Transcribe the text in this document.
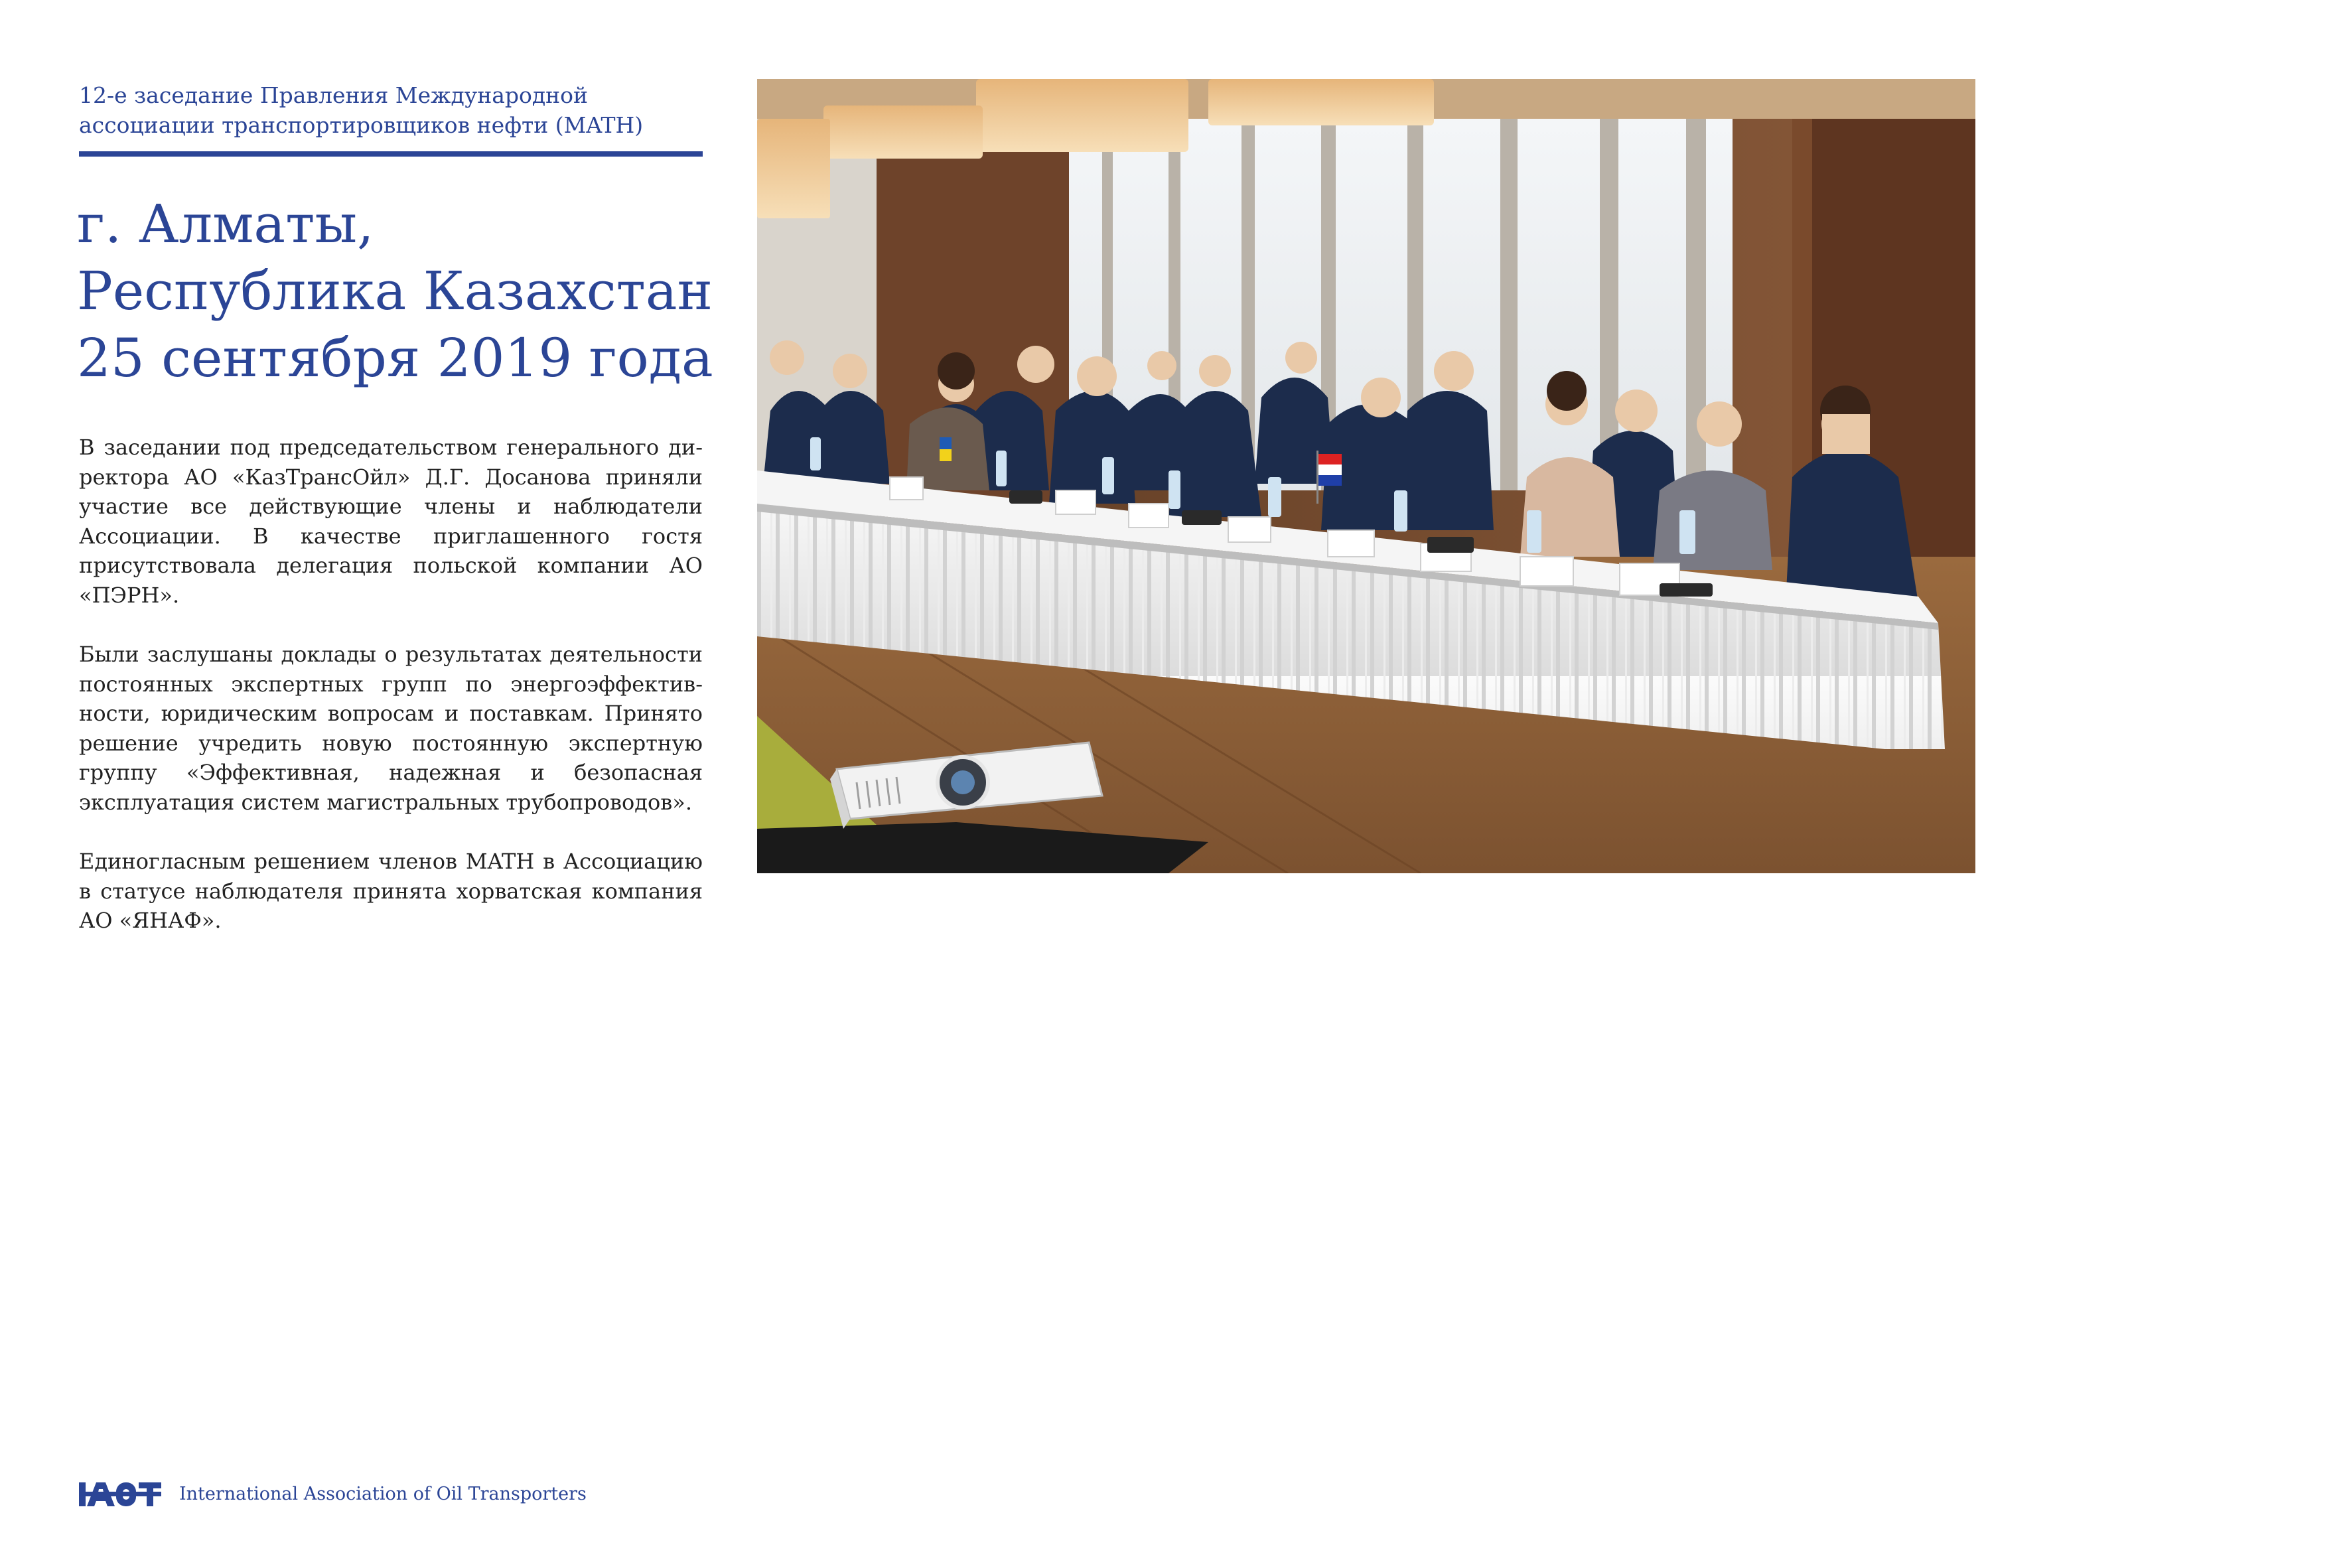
12-е заседание Правления Международной
ассоциации транспортировщиков нефти (MATH)
г. Алматы,
Республика Казахстан
25 сентября 2019 года

В заседании под председательством генерального директора АО «КазТрансОйл» Д.Г. Досанова приняли участие все действующие члены и наблюдатели Ассоциации. В качестве приглашенного гостя присутствовала делегация польской компании АО «ПЭРН».

Были заслушаны доклады о результатах деятельности постоянных экспертных групп по энергоэффективности, юридическим вопросам и поставкам. Принято решение учредить новую постоянную экспертную группу «Эффективная, надежная и безопасная эксплуатация систем магистральных трубопроводов».

Единогласным решением членов MATH в Ассоциацию в статусе наблюдателя принята хорватская компания АО «ЯНАФ».

International Association of Oil Transporters
